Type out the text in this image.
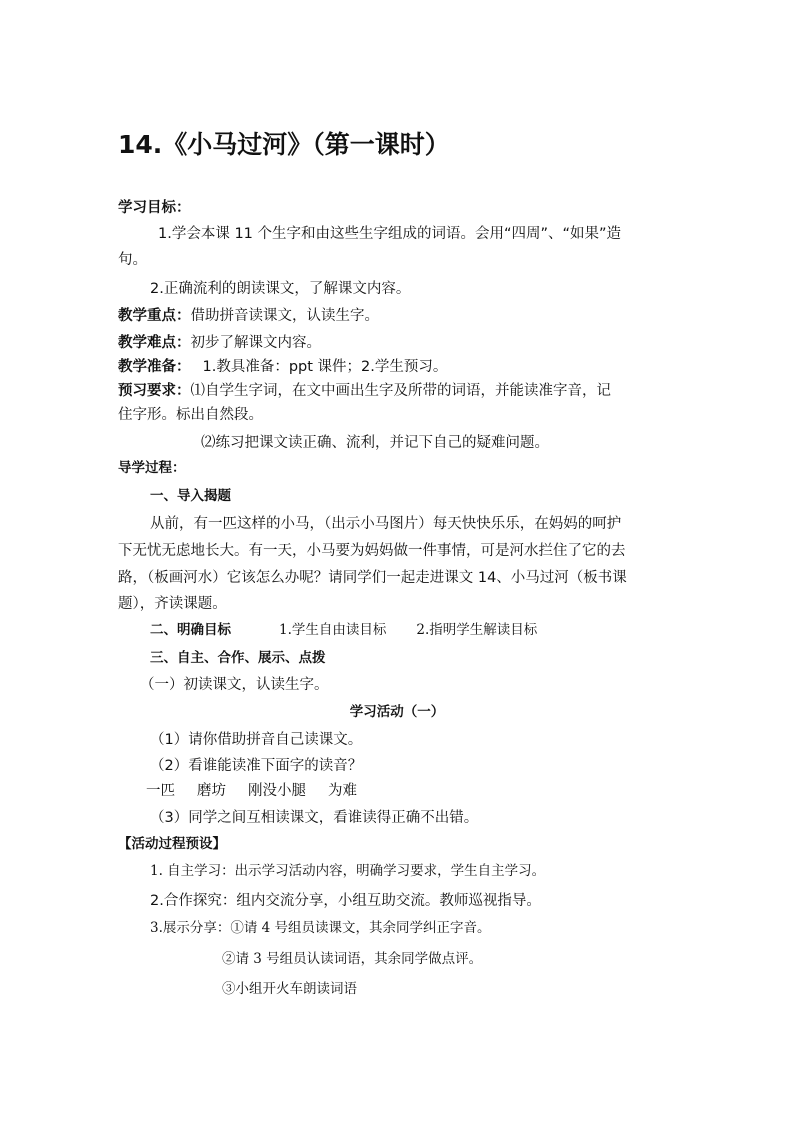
14.《小马过河》（第一课时）
学习目标：
1.学会本课 11 个生字和由这些生字组成的词语。会用“四周”、“如果”造
句。
2.正确流利的朗读课文，了解课文内容。
教学重点：借助拼音读课文，认读生字。
教学难点：初步了解课文内容。
教学准备： 1.教具准备：ppt 课件；2.学生预习。
预习要求：⑴自学生字词，在文中画出生字及所带的词语，并能读准字音，记
住字形。标出自然段。
⑵练习把课文读正确、流利，并记下自己的疑难问题。
导学过程：
一、导入揭题
从前，有一匹这样的小马，（出示小马图片）每天快快乐乐，在妈妈的呵护
下无忧无虑地长大。有一天，小马要为妈妈做一件事情，可是河水拦住了它的去
路，（板画河水）它该怎么办呢？请同学们一起走进课文 14、小马过河（板书课
题），齐读课题。
二、明确目标	1.学生自由读目标 2.指明学生解读目标
三、自主、合作、展示、点拨
（一）初读课文，认读生字。
学习活动（一）
（1）请你借助拼音自己读课文。
（2）看谁能读准下面字的读音？
一匹 磨坊 刚没小腿 为难
（3）同学之间互相读课文，看谁读得正确不出错。
【活动过程预设】
1. 自主学习：出示学习活动内容，明确学习要求，学生自主学习。
2.合作探究：组内交流分享，小组互助交流。教师巡视指导。
3.展示分享：①请 4 号组员读课文，其余同学纠正字音。
②请 3 号组员认读词语，其余同学做点评。
③小组开火车朗读词语
